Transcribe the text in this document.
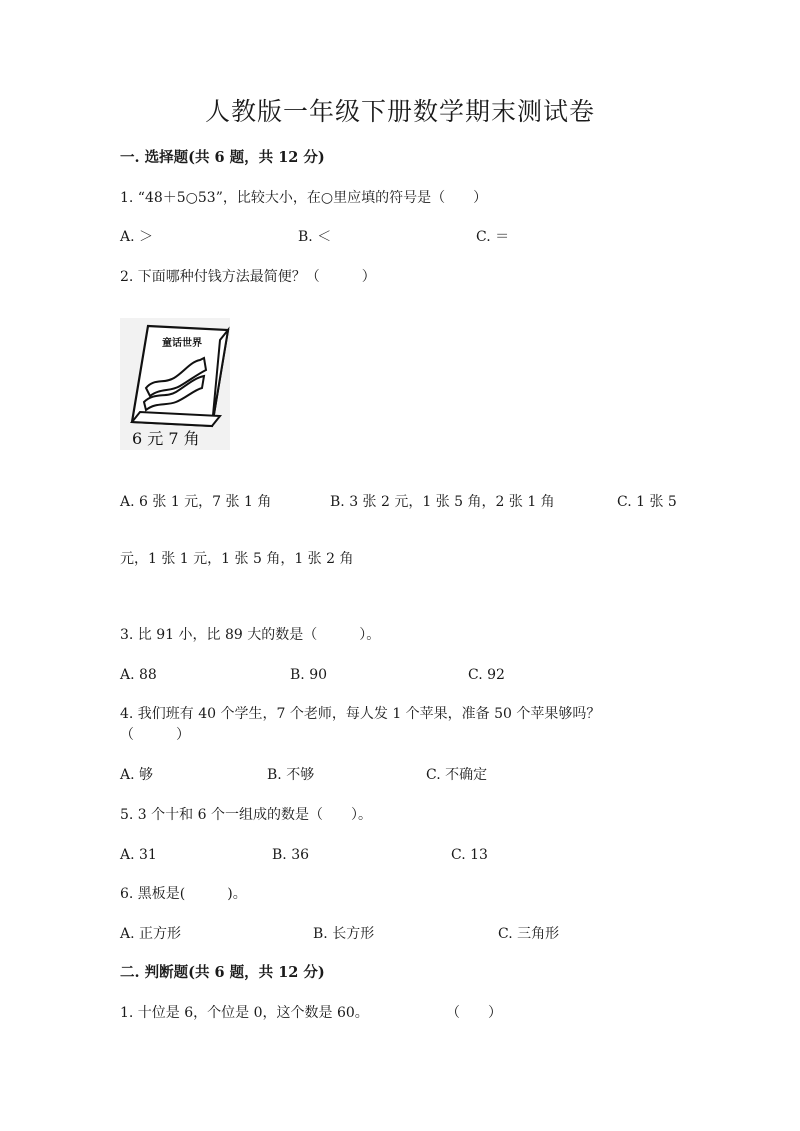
人教版一年级下册数学期末测试卷
一. 选择题(共 6 题，共 12 分)
1. “48＋5○53”，比较大小，在○里应填的符号是（　　）
A. ＞	B. ＜	C. ＝
2. 下面哪种付钱方法最简便？（　　　）
童话世界
6 元 7 角
A. 6 张 1 元，7 张 1 角	B. 3 张 2 元，1 张 5 角，2 张 1 角	C. 1 张 5
元，1 张 1 元，1 张 5 角，1 张 2 角
3. 比 91 小，比 89 大的数是（　　　）。
A. 88	B. 90	C. 92
4. 我们班有 40 个学生，7 个老师，每人发 1 个苹果，准备 50 个苹果够吗？
（　　　）
A. 够	B. 不够	C. 不确定
5. 3 个十和 6 个一组成的数是（　　）。
A. 31	B. 36	C. 13
6. 黑板是(　　　)。
A. 正方形	B. 长方形	C. 三角形
二. 判断题(共 6 题，共 12 分)
1. 十位是 6，个位是 0，这个数是 60。	（　　）
